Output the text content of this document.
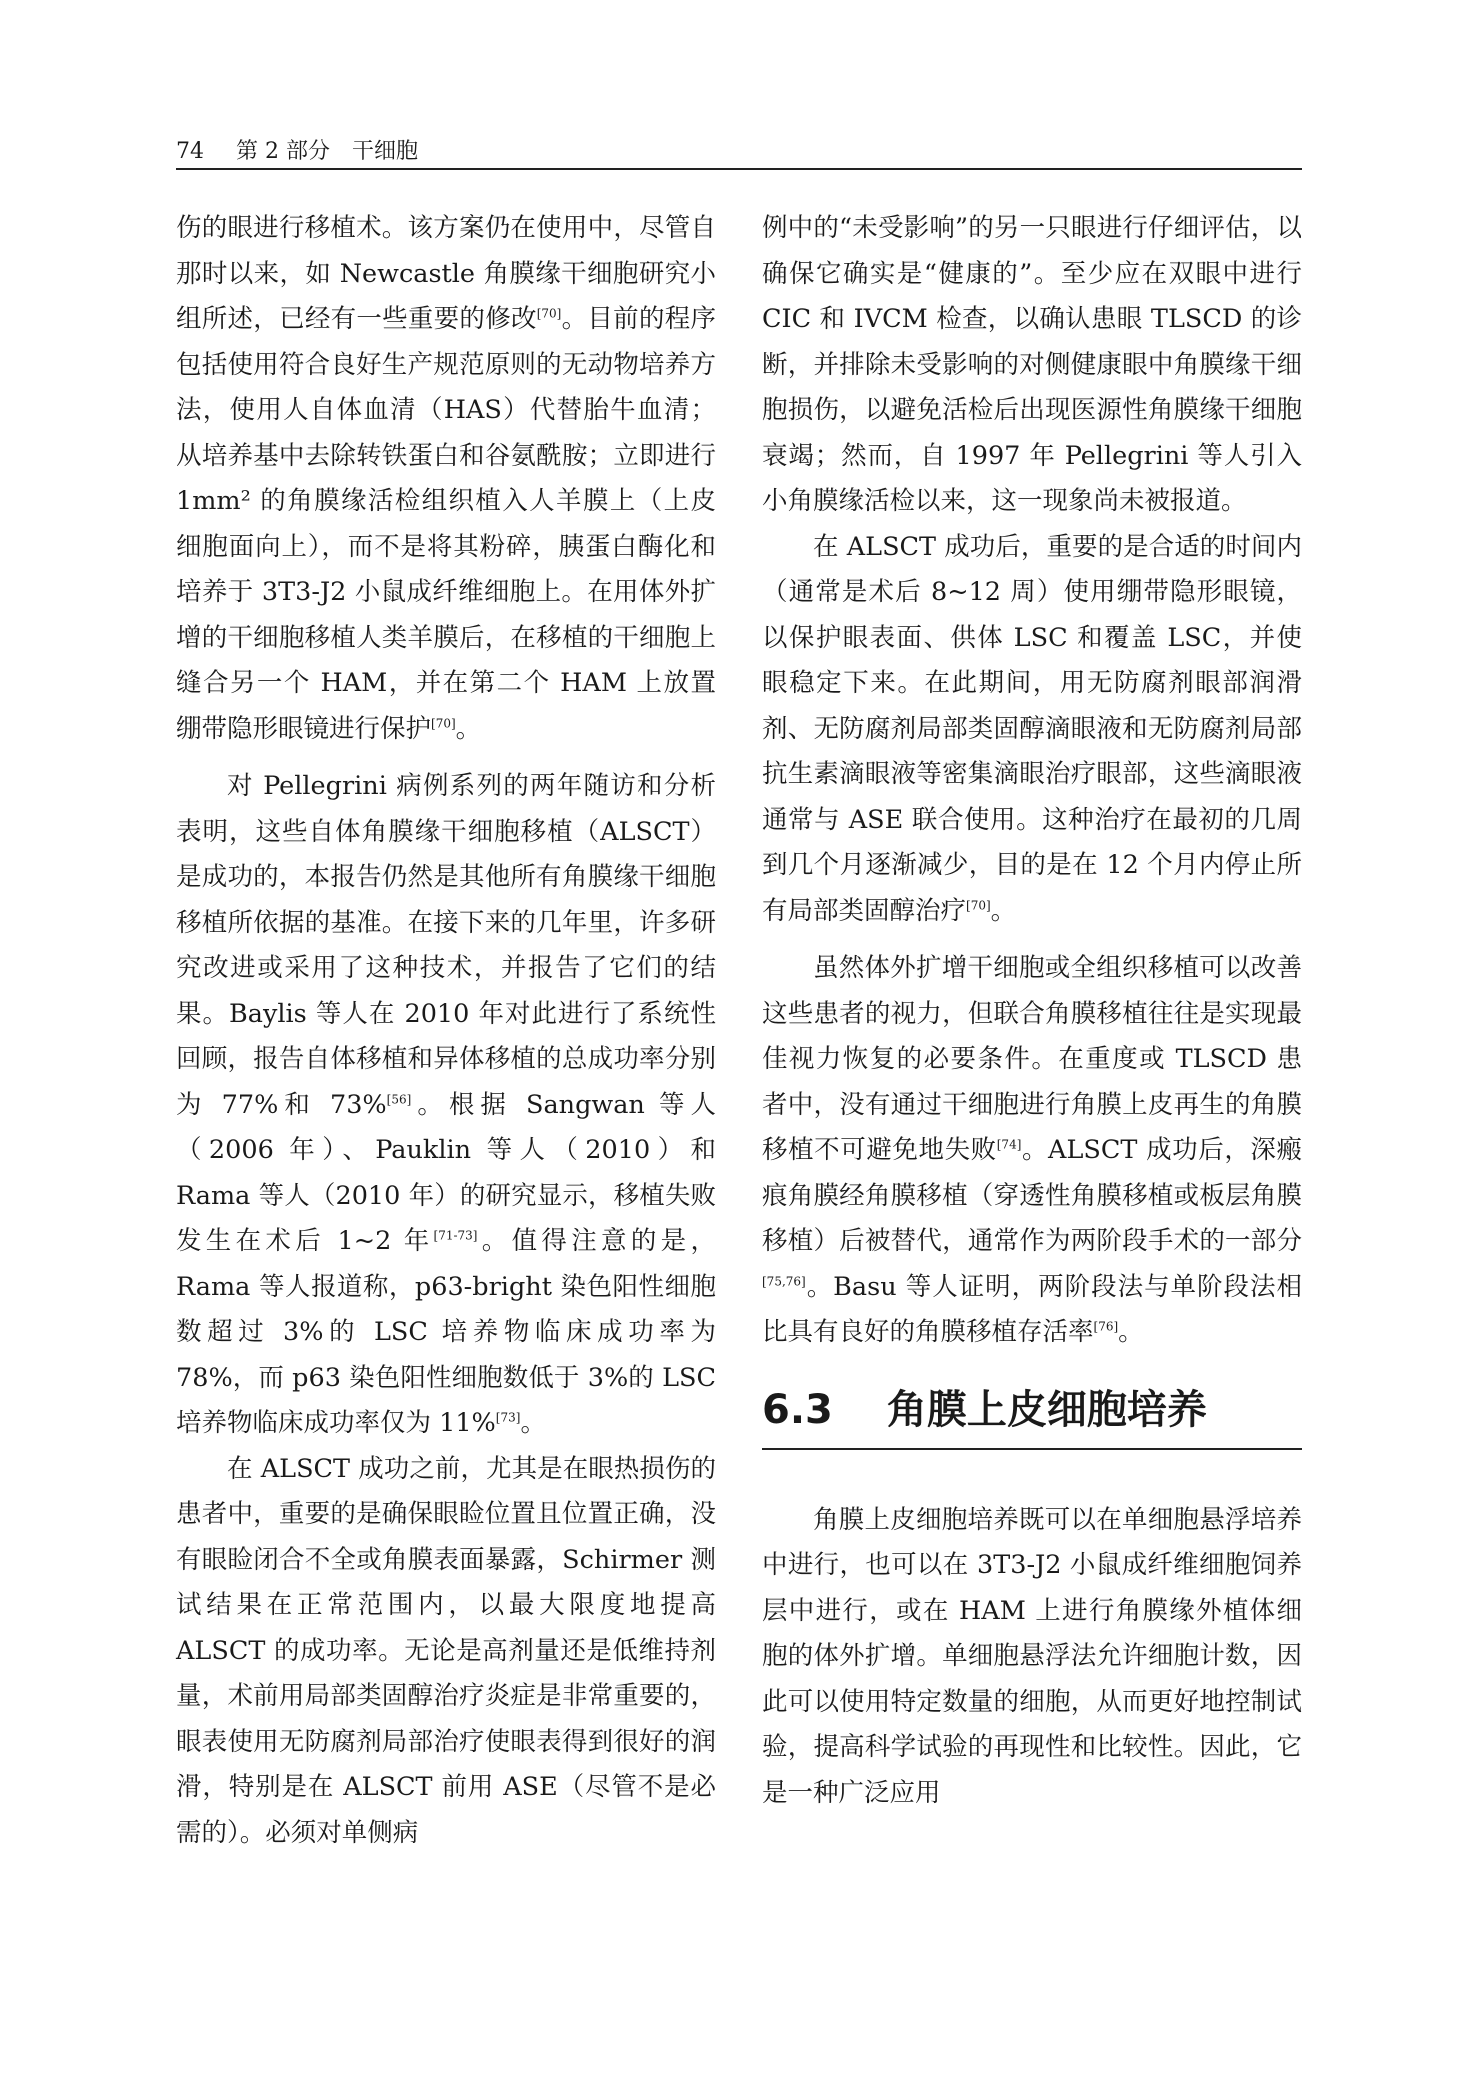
74 第 2 部分　干细胞

伤的眼进行移植术。该方案仍在使用中，尽管自那时以来，如 Newcastle 角膜缘干细胞研究小组所述，已经有一些重要的修改[70]。目前的程序包括使用符合良好生产规范原则的无动物培养方法，使用人自体血清（HAS）代替胎牛血清；从培养基中去除转铁蛋白和谷氨酰胺；立即进行 1mm² 的角膜缘活检组织植入人羊膜上（上皮细胞面向上），而不是将其粉碎，胰蛋白酶化和培养于 3T3-J2 小鼠成纤维细胞上。在用体外扩增的干细胞移植人类羊膜后，在移植的干细胞上缝合另一个 HAM，并在第二个 HAM 上放置绷带隐形眼镜进行保护[70]。

对 Pellegrini 病例系列的两年随访和分析表明，这些自体角膜缘干细胞移植（ALSCT）是成功的，本报告仍然是其他所有角膜缘干细胞移植所依据的基准。在接下来的几年里，许多研究改进或采用了这种技术，并报告了它们的结果。Baylis 等人在 2010 年对此进行了系统性回顾，报告自体移植和异体移植的总成功率分别为 77%和 73%[56]。根据 Sangwan 等人（2006 年）、Pauklin 等人（2010）和 Rama 等人（2010 年）的研究显示，移植失败发生在术后 1~2 年[71-73]。值得注意的是，Rama 等人报道称，p63-bright 染色阳性细胞数超过 3%的 LSC 培养物临床成功率为 78%，而 p63 染色阳性细胞数低于 3%的 LSC 培养物临床成功率仅为 11%[73]。

在 ALSCT 成功之前，尤其是在眼热损伤的患者中，重要的是确保眼睑位置且位置正确，没有眼睑闭合不全或角膜表面暴露，Schirmer 测试结果在正常范围内，以最大限度地提高 ALSCT 的成功率。无论是高剂量还是低维持剂量，术前用局部类固醇治疗炎症是非常重要的，眼表使用无防腐剂局部治疗使眼表得到很好的润滑，特别是在 ALSCT 前用 ASE（尽管不是必需的）。必须对单侧病

例中的“未受影响”的另一只眼进行仔细评估，以确保它确实是“健康的”。至少应在双眼中进行 CIC 和 IVCM 检查，以确认患眼 TLSCD 的诊断，并排除未受影响的对侧健康眼中角膜缘干细胞损伤，以避免活检后出现医源性角膜缘干细胞衰竭；然而，自 1997 年 Pellegrini 等人引入小角膜缘活检以来，这一现象尚未被报道。

在 ALSCT 成功后，重要的是合适的时间内（通常是术后 8~12 周）使用绷带隐形眼镜，以保护眼表面、供体 LSC 和覆盖 LSC，并使眼稳定下来。在此期间，用无防腐剂眼部润滑剂、无防腐剂局部类固醇滴眼液和无防腐剂局部抗生素滴眼液等密集滴眼治疗眼部，这些滴眼液通常与 ASE 联合使用。这种治疗在最初的几周到几个月逐渐减少，目的是在 12 个月内停止所有局部类固醇治疗[70]。

虽然体外扩增干细胞或全组织移植可以改善这些患者的视力，但联合角膜移植往往是实现最佳视力恢复的必要条件。在重度或 TLSCD 患者中，没有通过干细胞进行角膜上皮再生的角膜移植不可避免地失败[74]。ALSCT 成功后，深瘢痕角膜经角膜移植（穿透性角膜移植或板层角膜移植）后被替代，通常作为两阶段手术的一部分[75,76]。Basu 等人证明，两阶段法与单阶段法相比具有良好的角膜移植存活率[76]。

6.3 角膜上皮细胞培养

角膜上皮细胞培养既可以在单细胞悬浮培养中进行，也可以在 3T3-J2 小鼠成纤维细胞饲养层中进行，或在 HAM 上进行角膜缘外植体细胞的体外扩增。单细胞悬浮法允许细胞计数，因此可以使用特定数量的细胞，从而更好地控制试验，提高科学试验的再现性和比较性。因此，它是一种广泛应用
